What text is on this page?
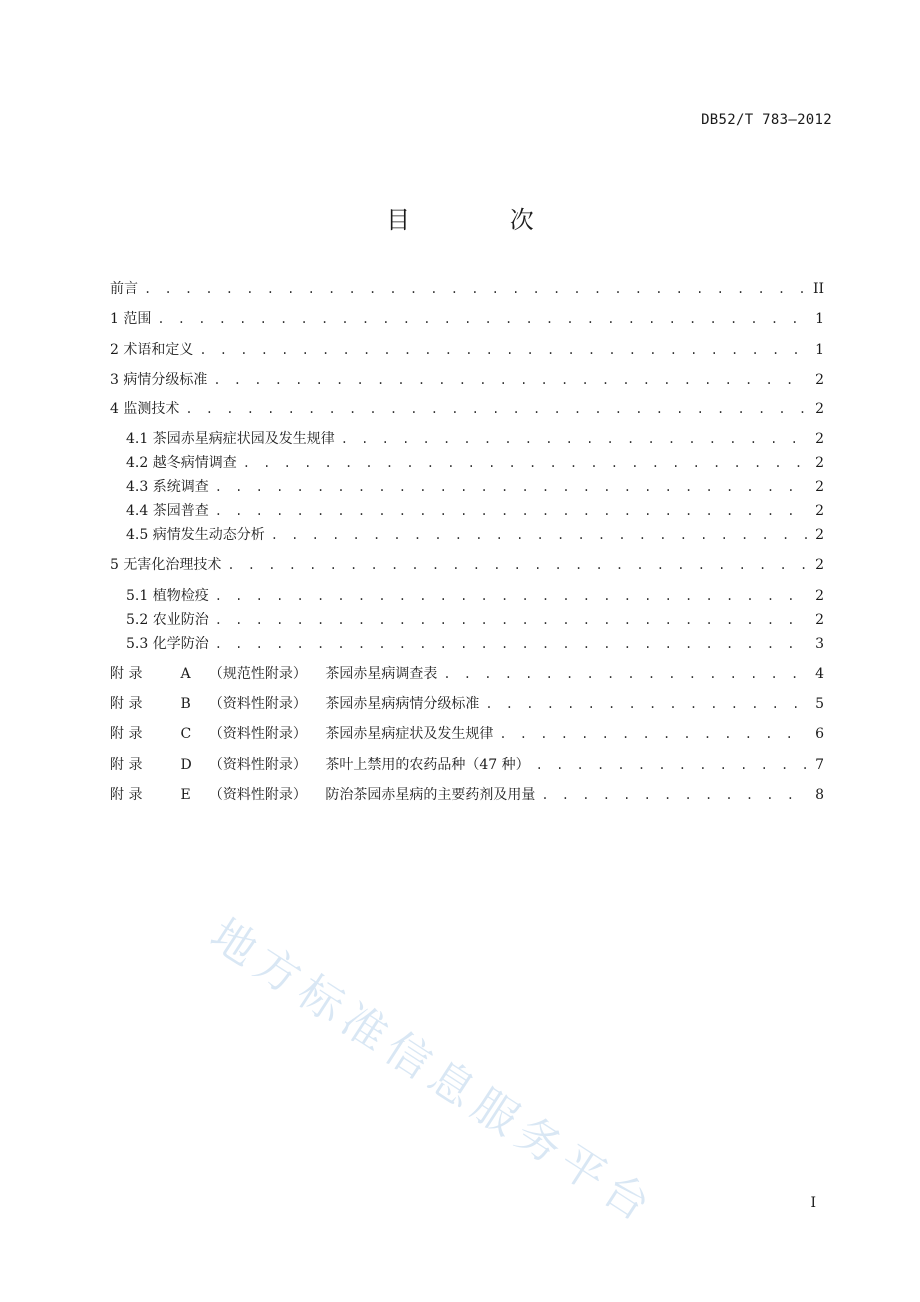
DB52/T 783—2012
目 次
前言 . . .	II
1 范围 . . .	1
2 术语和定义 . . .	1
3 病情分级标准 . . .	2
4 监测技术 . . .	2
4.1 茶园赤星病症状园及发生规律 . . .	2
4.2 越冬病情调查 . . .	2
4.3 系统调查 . . .	2
4.4 茶园普查 . . .	2
4.5 病情发生动态分析 . . .	2
5 无害化治理技术 . . .	2
5.1 植物检疫 . . .	2
5.2 农业防治 . . .	2
5.3 化学防治 . . .	3
附 录	A （规范性附录） 茶园赤星病调查表 . . .	4
附 录	B （资料性附录） 茶园赤星病病情分级标准 . . .	5
附 录	C （资料性附录） 茶园赤星病症状及发生规律 . . .	6
附 录	D （资料性附录） 茶叶上禁用的农药品种（47 种） . . .	7
附 录	E （资料性附录） 防治茶园赤星病的主要药剂及用量 . . .	8
地方标准信息服务平台	I
